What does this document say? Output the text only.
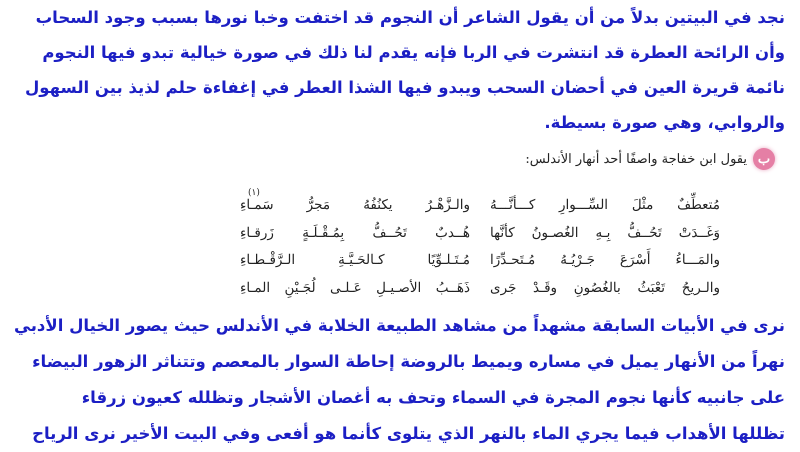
نجد في البيتين بدلاً من أن يقول الشاعر أن النجوم قد اختفت وخبا نورها بسبب وجود السحاب
وأن الرائحة العطرة قد انتشرت في الربا فإنه يقدم لنا ذلك في صورة خيالية تبدو فيها النجوم
نائمة قريرة العين في أحضان السحب ويبدو فيها الشذا العطر في إغفاءة حلم لذيذ بين السهول
والروابي، وهي صورة بسيطة.
ب
يقول ابن خفاجة واصفًا أحد أنهار الأندلس:
(١)
مُتعطِّفٌ مثْلَ السِّـــوارِ كـــأنَّـــهُ
والـزَّهْـرُ يكنُفُهُ مَجرُّ سَمـاءِ
وَغَــدَتْ تَحُــفُّ بِـهِ الغُصـونُ كأنَّها
هُــدبٌ تَحُــفُّ بِمُـقْـلَـةٍ زَرقـاءِ
والمَـــاءُ أَسْرَعَ جَـرْيُـهُ مُـتَحـدِّرًا
مُـتَـلـوِّيًا كـالحَـيَّـةِ الـرَّقْـطـاءِ
والـريحُ تَعْبَثُ بالغُصُونِ وقَـدْ جَرى
ذَهَــبُ الأصـيـلِ عَـلـى لُجَـيْنِ المـاءِ
نرى في الأبيات السابقة مشهداً من مشاهد الطبيعة الخلابة في الأندلس حيث يصور الخيال الأدبي
نهراً من الأنهار يميل في مساره ويميط بالروضة إحاطة السوار بالمعصم وتتناثر الزهور البيضاء
على جانبيه كأنها نجوم المجرة في السماء وتحف به أغصان الأشجار وتظلله كعيون زرقاء
تظللها الأهداب فيما يجري الماء بالنهر الذي يتلوى كأنما هو أفعى وفي البيت الأخير نرى الرياح
